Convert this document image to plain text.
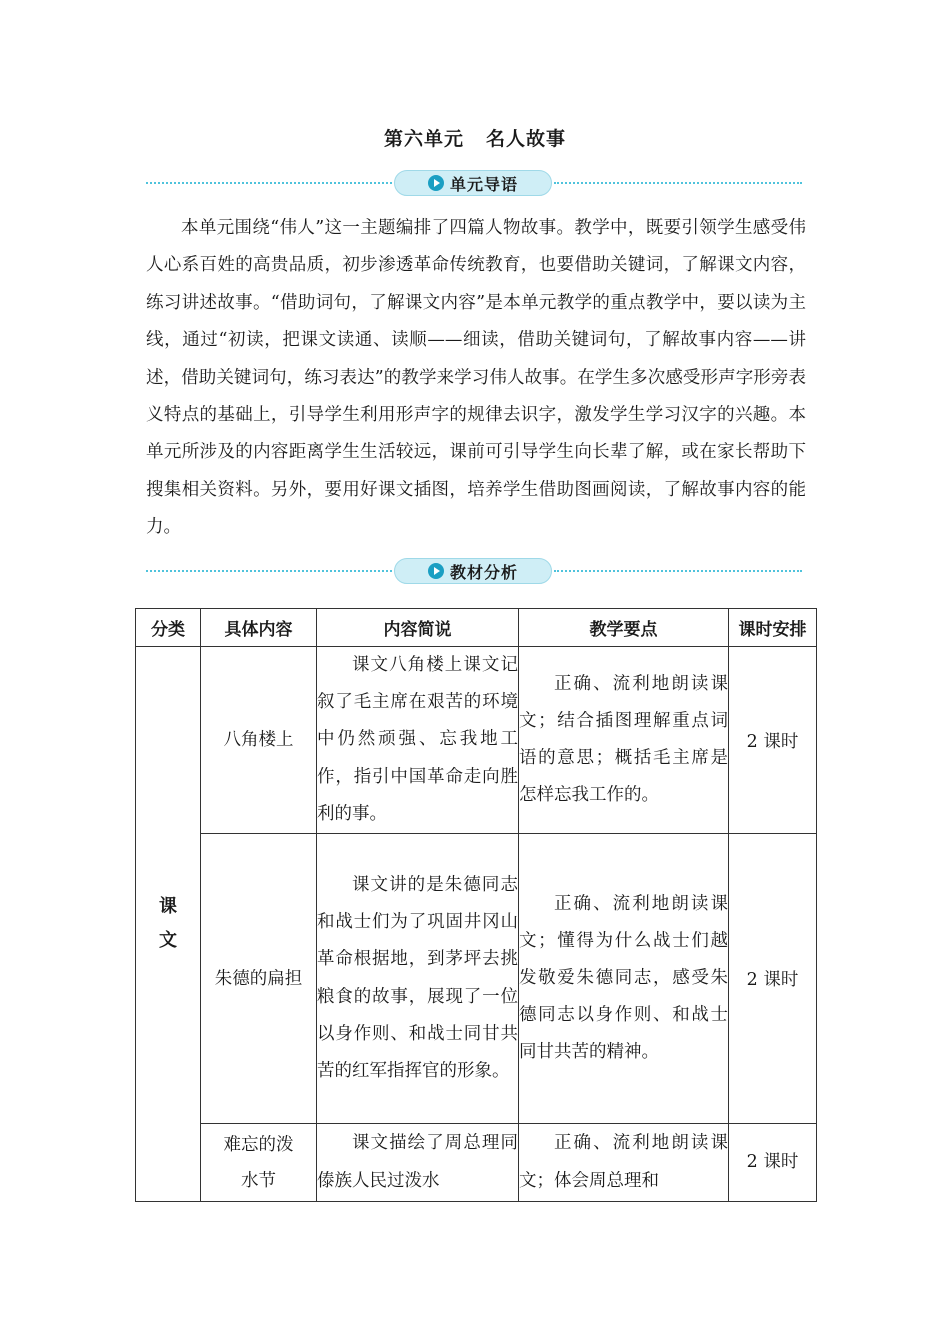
第六单元 名人故事
单元导语

本单元围绕“伟人”这一主题编排了四篇人物故事。教学中，既要引领学生感受伟人心系百姓的高贵品质，初步渗透革命传统教育，也要借助关键词，了解课文内容，练习讲述故事。“借助词句，了解课文内容”是本单元教学的重点教学中，要以读为主线，通过“初读，把课文读通、读顺——细读，借助关键词句，了解故事内容——讲述，借助关键词句，练习表达”的教学来学习伟人故事。在学生多次感受形声字形旁表义特点的基础上，引导学生利用形声字的规律去识字，激发学生学习汉字的兴趣。本单元所涉及的内容距离学生生活较远，课前可引导学生向长辈了解，或在家长帮助下搜集相关资料。另外，要用好课文插图，培养学生借助图画阅读，了解故事内容的能力。

教材分析
分类	具体内容	内容简说	教学要点	课时安排

课
文	八角楼上	课文八角楼上课文记叙了毛主席在艰苦的环境中仍然顽强、忘我地工作，指引中国革命走向胜利的事。	正确、流利地朗读课文；结合插图理解重点词语的意思；概括毛主席是怎样忘我工作的。	2 课时
	朱德的扁担	课文讲的是朱德同志和战士们为了巩固井冈山革命根据地，到茅坪去挑粮食的故事，展现了一位以身作则、和战士同甘共苦的红军指挥官的形象。	正确、流利地朗读课文；懂得为什么战士们越发敬爱朱德同志，感受朱德同志以身作则、和战士同甘共苦的精神。	2 课时

	难忘的泼水节	课文描绘了周总理同傣族人民过泼水	正确、流利地朗读课文；体会周总理和	2 课时
